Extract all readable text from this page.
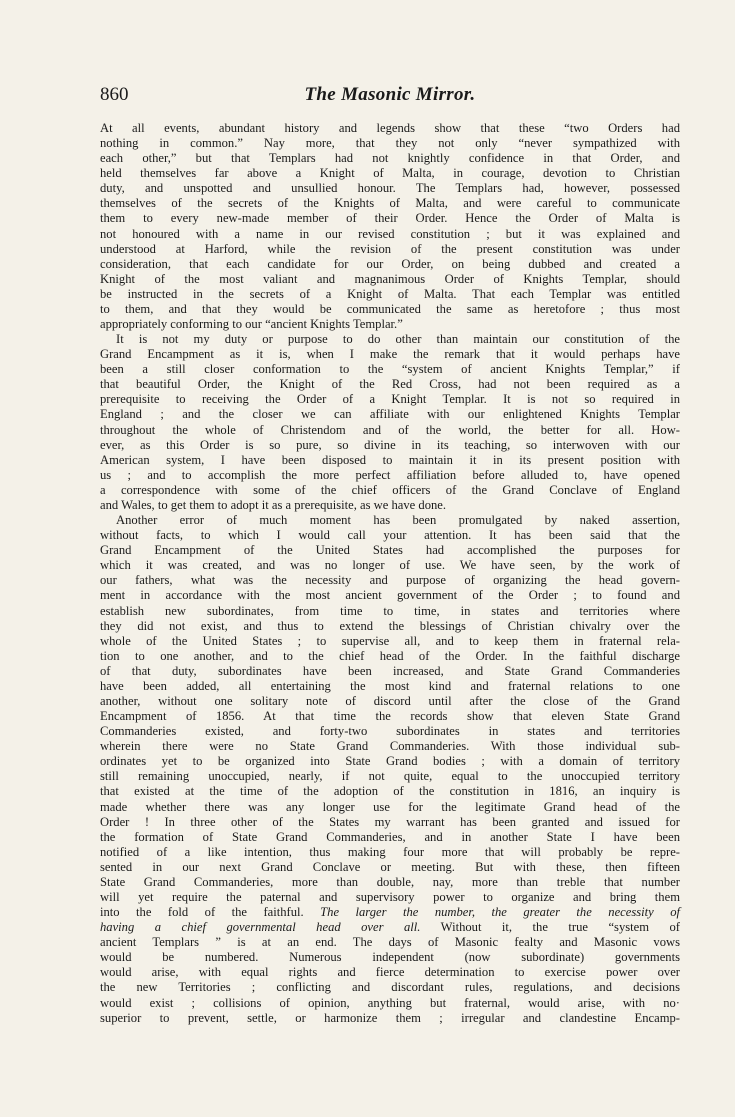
860	The Masonic Mirror.
At all events, abundant history and legends show that these “two Orders had
nothing in common.” Nay more, that they not only “never sympathized with
each other,” but that Templars had not knightly confidence in that Order, and
held themselves far above a Knight of Malta, in courage, devotion to Christian
duty, and unspotted and unsullied honour. The Templars had, however, possessed
themselves of the secrets of the Knights of Malta, and were careful to communicate
them to every new-made member of their Order. Hence the Order of Malta is
not honoured with a name in our revised constitution ; but it was explained and
understood at Harford, while the revision of the present constitution was under
consideration, that each candidate for our Order, on being dubbed and created a
Knight of the most valiant and magnanimous Order of Knights Templar, should
be instructed in the secrets of a Knight of Malta. That each Templar was entitled
to them, and that they would be communicated the same as heretofore ; thus most
appropriately conforming to our “ancient Knights Templar.”
It is not my duty or purpose to do other than maintain our constitution of the
Grand Encampment as it is, when I make the remark that it would perhaps have
been a still closer conformation to the “system of ancient Knights Templar,” if
that beautiful Order, the Knight of the Red Cross, had not been required as a
prerequisite to receiving the Order of a Knight Templar. It is not so required in
England ; and the closer we can affiliate with our enlightened Knights Templar
throughout the whole of Christendom and of the world, the better for all. How-
ever, as this Order is so pure, so divine in its teaching, so interwoven with our
American system, I have been disposed to maintain it in its present position with
us ; and to accomplish the more perfect affiliation before alluded to, have opened
a correspondence with some of the chief officers of the Grand Conclave of England
and Wales, to get them to adopt it as a prerequisite, as we have done.
Another error of much moment has been promulgated by naked assertion,
without facts, to which I would call your attention. It has been said that the
Grand Encampment of the United States had accomplished the purposes for
which it was created, and was no longer of use. We have seen, by the work of
our fathers, what was the necessity and purpose of organizing the head govern-
ment in accordance with the most ancient government of the Order ; to found and
establish new subordinates, from time to time, in states and territories where
they did not exist, and thus to extend the blessings of Christian chivalry over the
whole of the United States ; to supervise all, and to keep them in fraternal rela-
tion to one another, and to the chief head of the Order. In the faithful discharge
of that duty, subordinates have been increased, and State Grand Commanderies
have been added, all entertaining the most kind and fraternal relations to one
another, without one solitary note of discord until after the close of the Grand
Encampment of 1856. At that time the records show that eleven State Grand
Commanderies existed, and forty-two subordinates in states and territories
wherein there were no State Grand Commanderies. With those individual sub-
ordinates yet to be organized into State Grand bodies ; with a domain of territory
still remaining unoccupied, nearly, if not quite, equal to the unoccupied territory
that existed at the time of the adoption of the constitution in 1816, an inquiry is
made whether there was any longer use for the legitimate Grand head of the
Order ! In three other of the States my warrant has been granted and issued for
the formation of State Grand Commanderies, and in another State I have been
notified of a like intention, thus making four more that will probably be repre-
sented in our next Grand Conclave or meeting. But with these, then fifteen
State Grand Commanderies, more than double, nay, more than treble that number
will yet require the paternal and supervisory power to organize and bring them
into the fold of the faithful. The larger the number, the greater the necessity of
having a chief governmental head over all. Without it, the true “system of
ancient Templars ” is at an end. The days of Masonic fealty and Masonic vows
would be numbered. Numerous independent (now subordinate) governments
would arise, with equal rights and fierce determination to exercise power over
the new Territories ; conflicting and discordant rules, regulations, and decisions
would exist ; collisions of opinion, anything but fraternal, would arise, with no·
superior to prevent, settle, or harmonize them ; irregular and clandestine Encamp-
